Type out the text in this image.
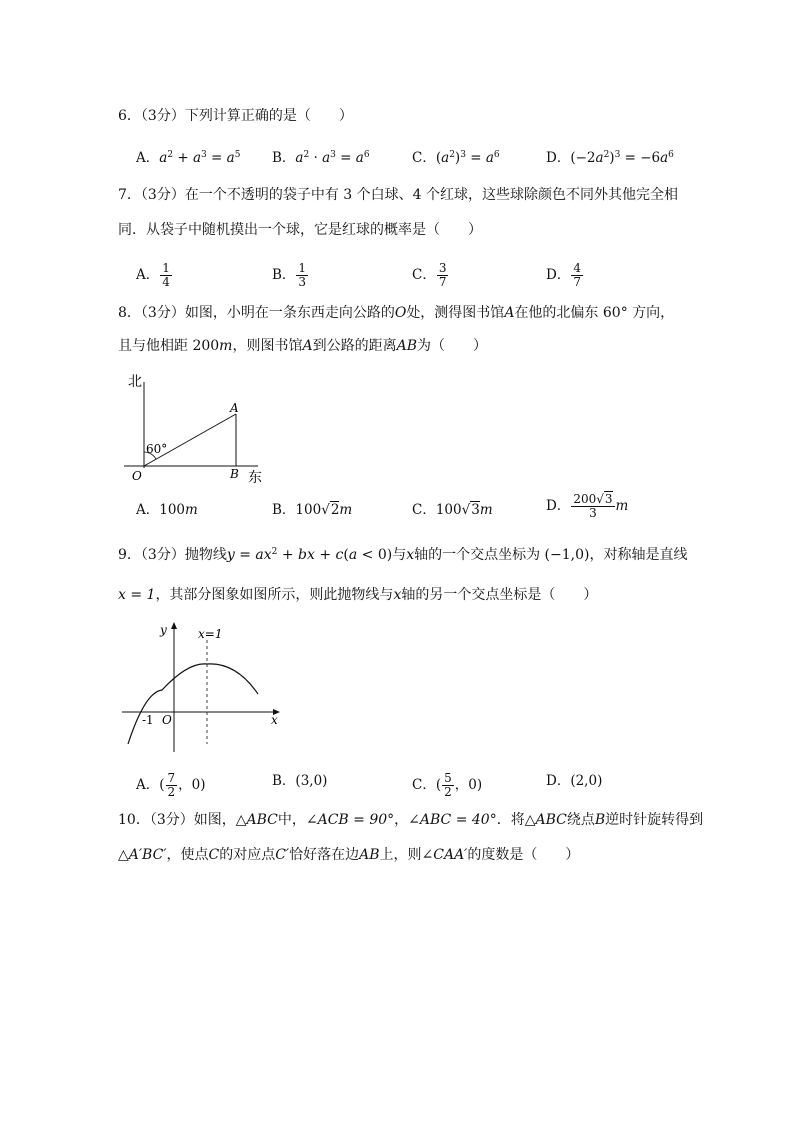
6．（3分）下列计算正确的是（　　）
A．$a^2 + a^3 = a^5$ B．$a^2 \cdot a^3 = a^6$	C．$(a^2)^3 = a^6$	D．$(-2a^2)^3 = -6a^6$
7．（3分）在一个不透明的袋子中有 3 个白球、4 个红球，这些球除颜色不同外其他完全相
同．从袋子中随机摸出一个球，它是红球的概率是（　　）
A． $\frac{1}{4}$	B． $\frac{1}{3}$	C． $\frac{3}{7}$	D． $\frac{4}{7}$
8．（3分）如图，小明在一条东西走向公路的O处，测得图书馆A在他的北偏东 60° 方向，
且与他相距 200m，则图书馆A到公路的距离AB为（　　）
北
东
60°
O
A
B
A．100m	B．100√2m	C．100√3m	D． $\frac{200√3}{3}$ m
9．（3分）抛物线$y = ax^2$ + bx + c(a < 0)与x轴的一个交点坐标为 (−1,0)，对称轴是直线
x = 1，其部分图象如图所示，则此抛物线与x轴的另一个交点坐标是（　　）
y
x
x=1
-1 O
A．( $\frac{7}{2}$ ，0)	B．(3,0)	C．( $\frac{5}{2}$ ，0)	D．(2,0)
10．（3分）如图，△ABC中，∠ACB = 90°，∠ABC = 40°．将△ABC绕点B逆时针旋转得到
△A′BC′，使点C的对应点C′恰好落在边AB上，则∠CAA′的度数是（　　）
